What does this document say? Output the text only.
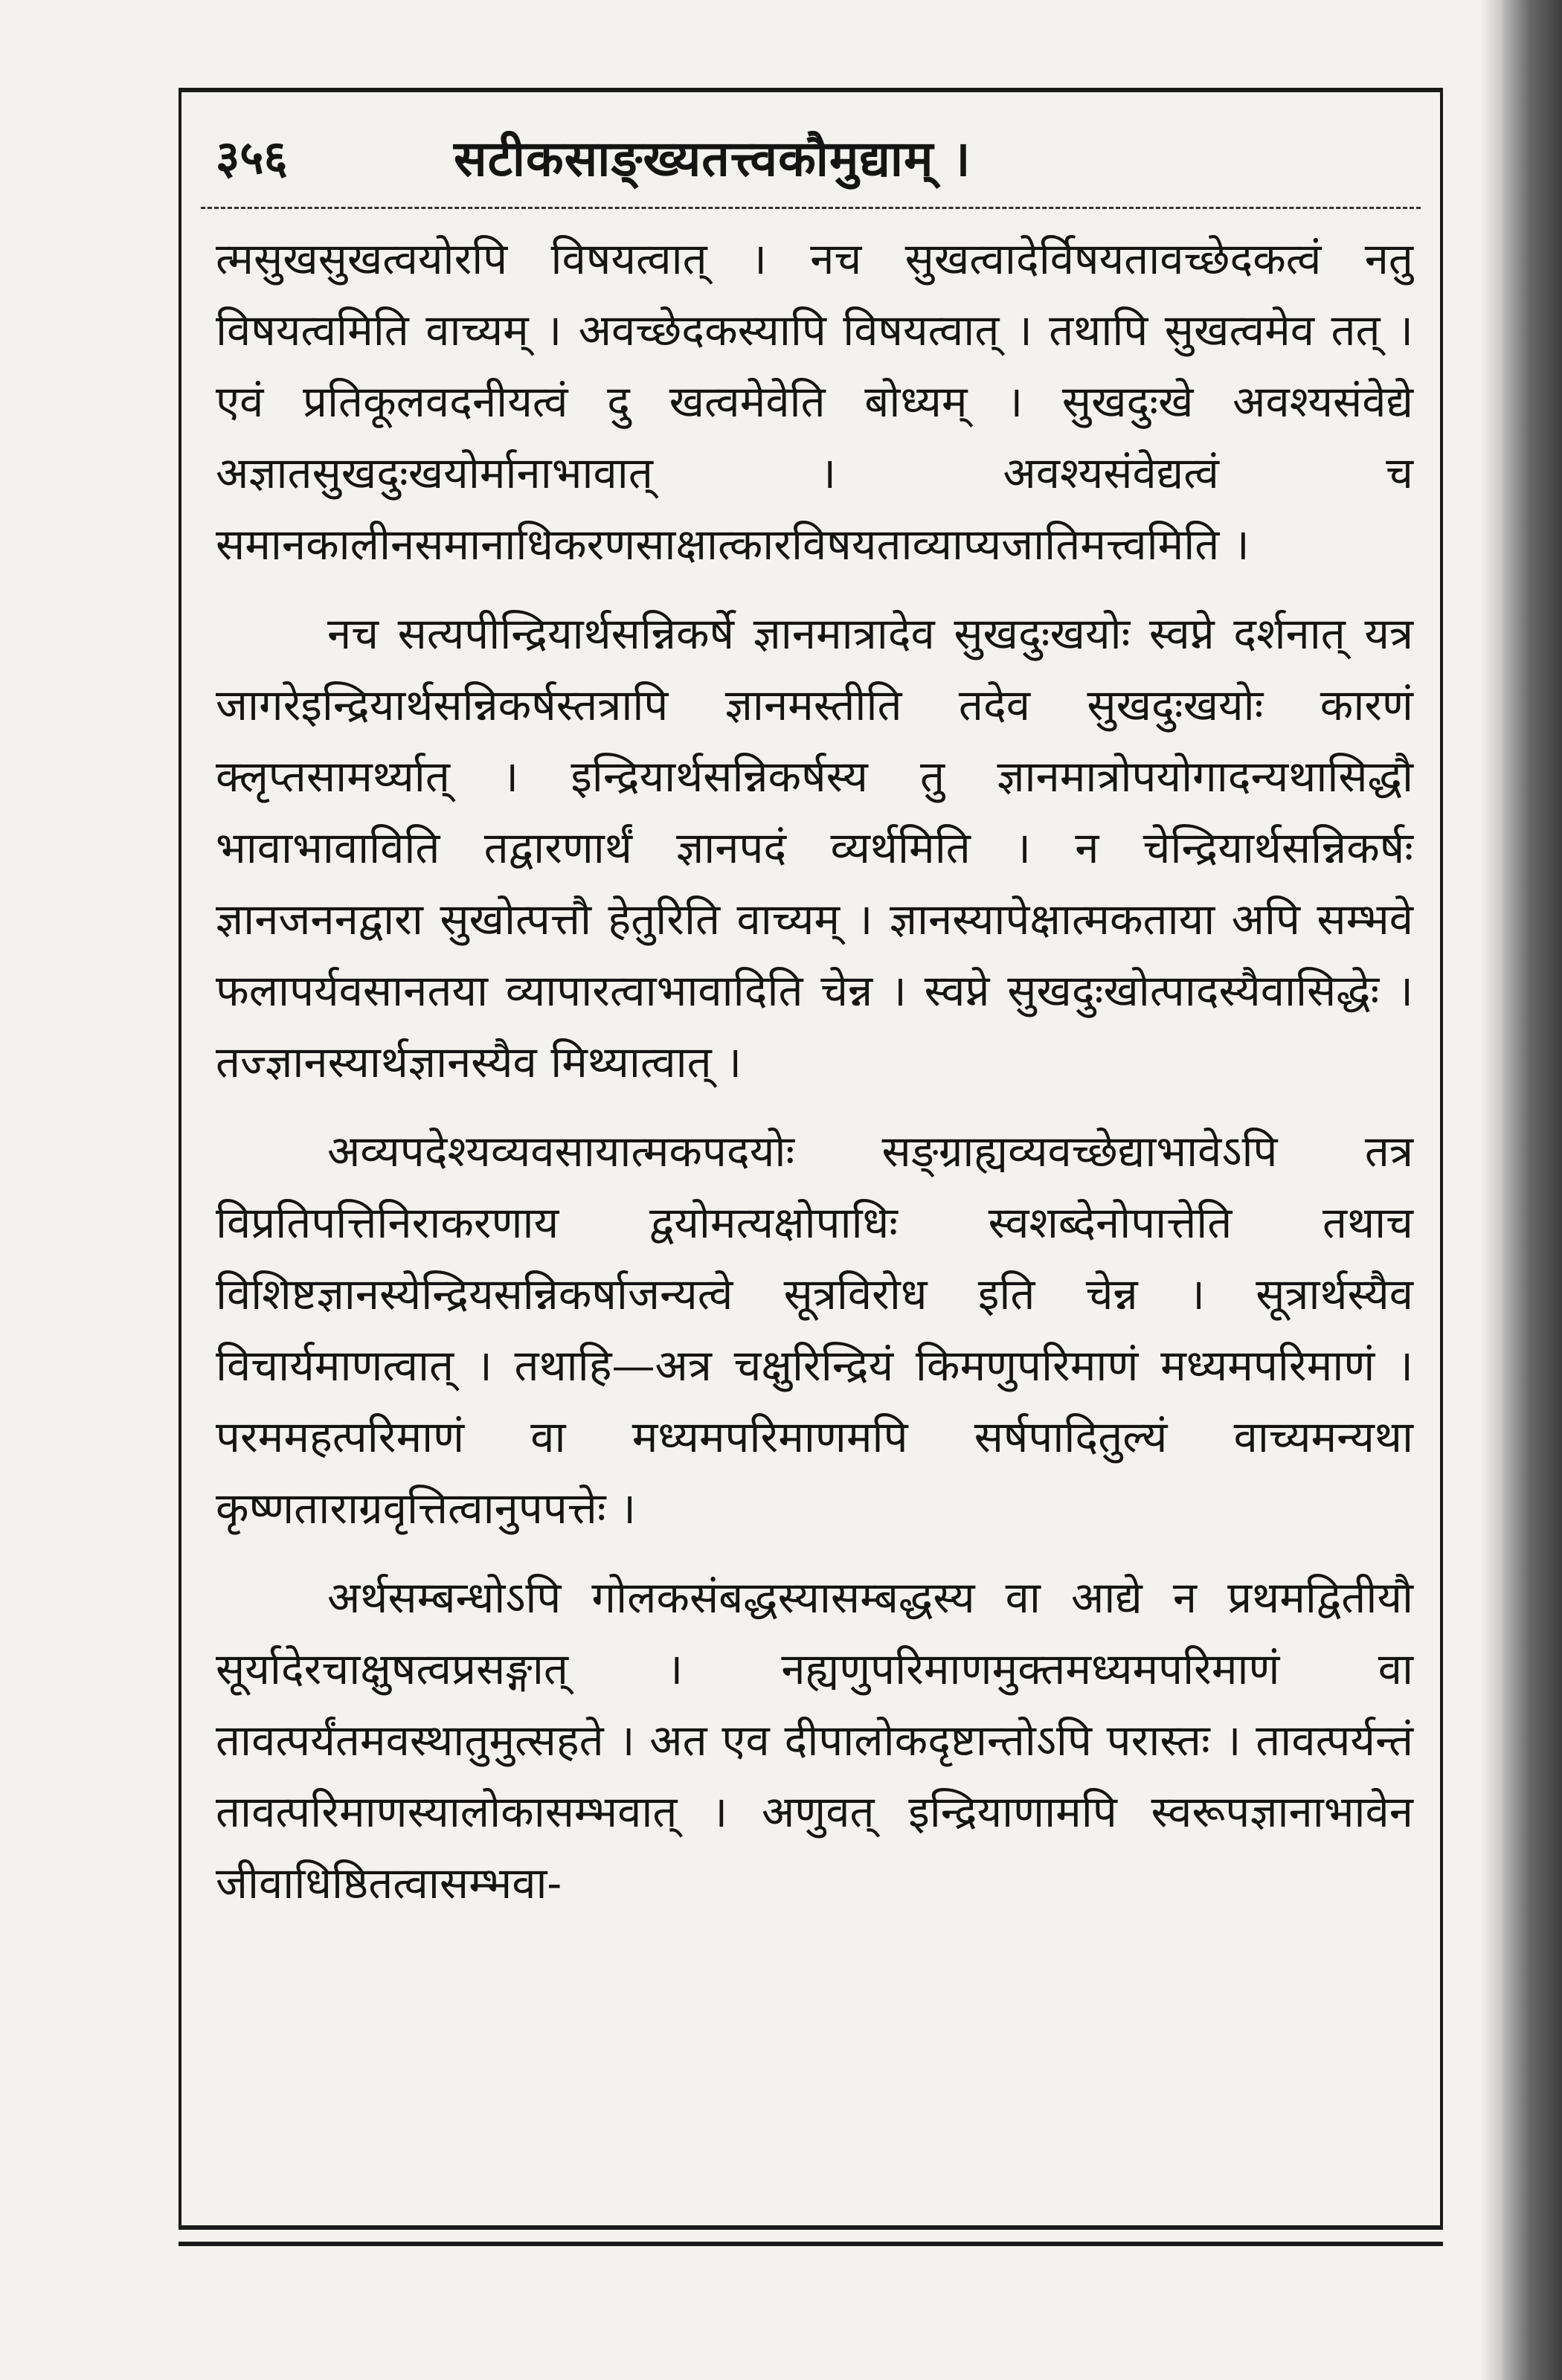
३५६	सटीकसाङ्ख्यतत्त्वकौमुद्याम् ।

त्मसुखसुखत्वयोरपि विषयत्वात् । नच सुखत्वादेर्विषयतावच्छेदकत्वं नतु विषयत्वमिति वाच्यम् । अवच्छेदकस्यापि विषयत्वात् । तथापि सुखत्वमेव तत् । एवं प्रतिकूलवदनीयत्वं दु खत्वमेवेति बोध्यम् । सुखदुःखे अवश्यसंवेद्ये अज्ञातसुखदुःखयोर्मानाभावात् । अवश्यसंवेद्यत्वं च समानकालीनसमानाधिकरणसाक्षात्कारविषयताव्याप्यजातिमत्त्वमिति ।

नच सत्यपीन्द्रियार्थसन्निकर्षे ज्ञानमात्रादेव सुखदुःखयोः स्वप्ने दर्शनात् यत्र जागरेइन्द्रियार्थसन्निकर्षस्तत्रापि ज्ञानमस्तीति तदेव सुखदुःखयोः कारणं क्लृप्तसामर्थ्यात् । इन्द्रियार्थसन्निकर्षस्य तु ज्ञानमात्रोपयोगादन्यथासिद्धौ भावाभावाविति तद्वारणार्थं ज्ञानपदं व्यर्थमिति । न चेन्द्रियार्थसन्निकर्षः ज्ञानजननद्वारा सुखोत्पत्तौ हेतुरिति वाच्यम् । ज्ञानस्यापेक्षात्मकताया अपि सम्भवे फलापर्यवसानतया व्यापारत्वाभावादिति चेन्न । स्वप्ने सुखदुःखोत्पादस्यैवासिद्धेः । तज्ज्ञानस्यार्थज्ञानस्यैव मिथ्यात्वात् ।

अव्यपदेश्यव्यवसायात्मकपदयोः सङ्ग्राह्यव्यवच्छेद्याभावेऽपि तत्र विप्रतिपत्तिनिराकरणाय द्वयोमत्यक्षोपाधिः स्वशब्देनोपात्तेति तथाच विशिष्टज्ञानस्येन्द्रियसन्निकर्षाजन्यत्वे सूत्रविरोध इति चेन्न । सूत्रार्थस्यैव विचार्यमाणत्वात् । तथाहि—अत्र चक्षुरिन्द्रियं किमणुपरिमाणं मध्यमपरिमाणं । परममहत्परिमाणं वा मध्यमपरिमाणमपि सर्षपादितुल्यं वाच्यमन्यथा कृष्णताराग्रवृत्तित्वानुपपत्तेः ।

अर्थसम्बन्धोऽपि गोलकसंबद्धस्यासम्बद्धस्य वा आद्ये न प्रथमद्वितीयौ सूर्यादेरचाक्षुषत्वप्रसङ्गात् । नह्यणुपरिमाणमुक्तमध्यमपरिमाणं वा तावत्पर्यंतमवस्थातुमुत्सहते । अत एव दीपालोकदृष्टान्तोऽपि परास्तः । तावत्पर्यन्तं तावत्परिमाणस्यालोकासम्भवात् । अणुवत् इन्द्रियाणामपि स्वरूपज्ञानाभावेन जीवाधिष्ठितत्वासम्भवा-
